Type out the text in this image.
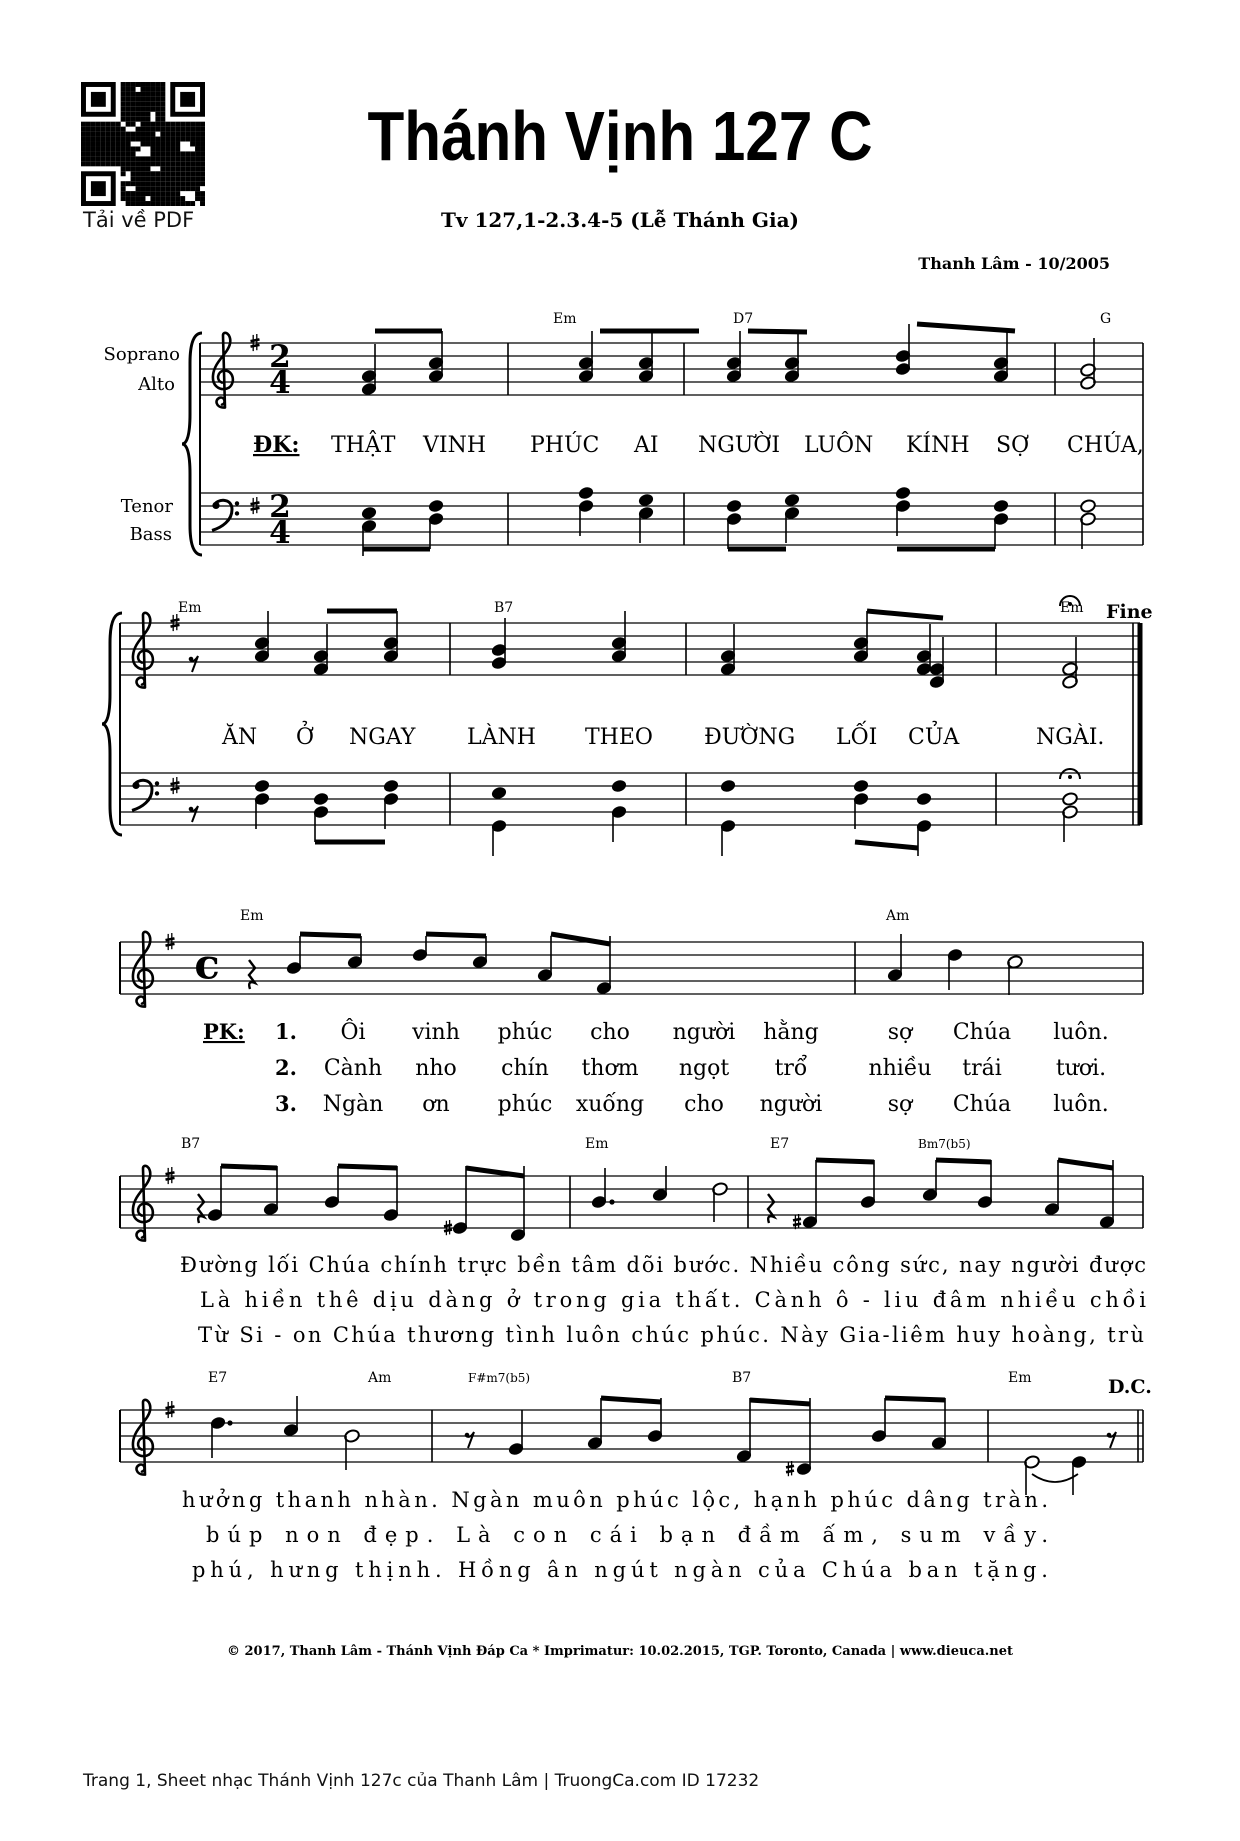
Tải về PDF
Thánh Vịnh 127 C
Tv 127,1-2.3.4-5 (Lễ Thánh Gia)
Thanh Lâm - 10/2005
2
4
2
4
c
Soprano
Alto
Tenor
Bass
Em	D7	G
Em	B7	Em Fine
ĐK: THẬT VINH PHÚC AI NGƯỜI LUÔN KÍNH SỢ CHÚA,
ĂN Ở NGAY LÀNH THEO ĐƯỜNG LỐI CỦA	NGÀI.
Em	Am
PK: 1.
2.
3.
Ôi vinh phúc cho người hằng	sợ Chúa luôn.
Cành nho chín thơm ngọt trổ	nhiều trái tươi.
Ngàn ơn phúc xuống cho người	sợ Chúa luôn.
B7	Em	E7	Bm7(b5)
Đường lối Chúa chính trực bền tâm dõi bước. Nhiều công sức, nay người được
Là hiền thê dịu dàng ở trong gia thất. Cành ô - liu đâm nhiều chồi
Từ Si - on Chúa thương tình luôn chúc phúc. Này Gia-liêm huy hoàng, trù
E7	Am	F#m7(b5)	B7	Em	D.C.
hưởng thanh nhàn. Ngàn muôn phúc lộc, hạnh phúc dâng tràn.
búp non đẹp. Là con cái bạn đầm ấm, sum vầy.
phú, hưng thịnh. Hồng ân ngút ngàn của Chúa ban tặng.
© 2017, Thanh Lâm - Thánh Vịnh Đáp Ca * Imprimatur: 10.02.2015, TGP. Toronto, Canada | www.dieuca.net
Trang 1, Sheet nhạc Thánh Vịnh 127c của Thanh Lâm | TruongCa.com ID 17232
